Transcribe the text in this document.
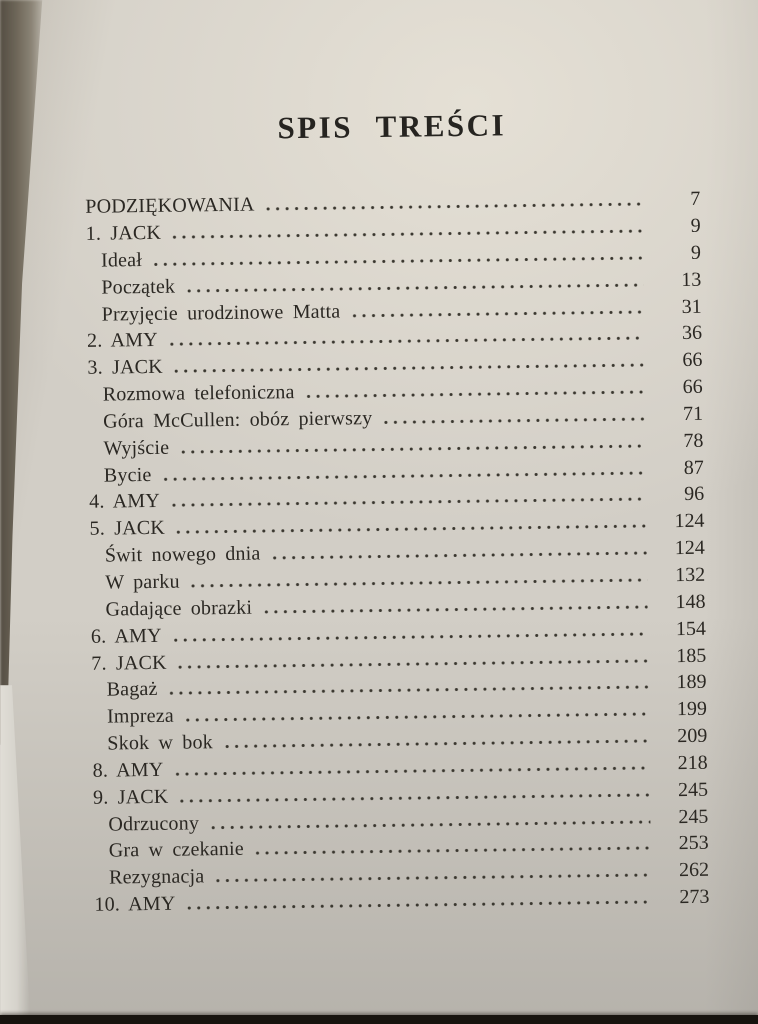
SPIS TREŚCI
PODZIĘKOWANIA	7
1. JACK	9
Ideał	9
Początek	13
Przyjęcie urodzinowe Matta	31
2. AMY	36
3. JACK	66
Rozmowa telefoniczna	66
Góra McCullen: obóz pierwszy	71
Wyjście	78
Bycie	87
4. AMY	96
5. JACK	124
Świt nowego dnia	124
W parku	132
Gadające obrazki	148
6. AMY	154
7. JACK	185
Bagaż	189
Impreza	199
Skok w bok	209
8. AMY	218
9. JACK	245
Odrzucony	245
Gra w czekanie	253
Rezygnacja	262
10. AMY	273
